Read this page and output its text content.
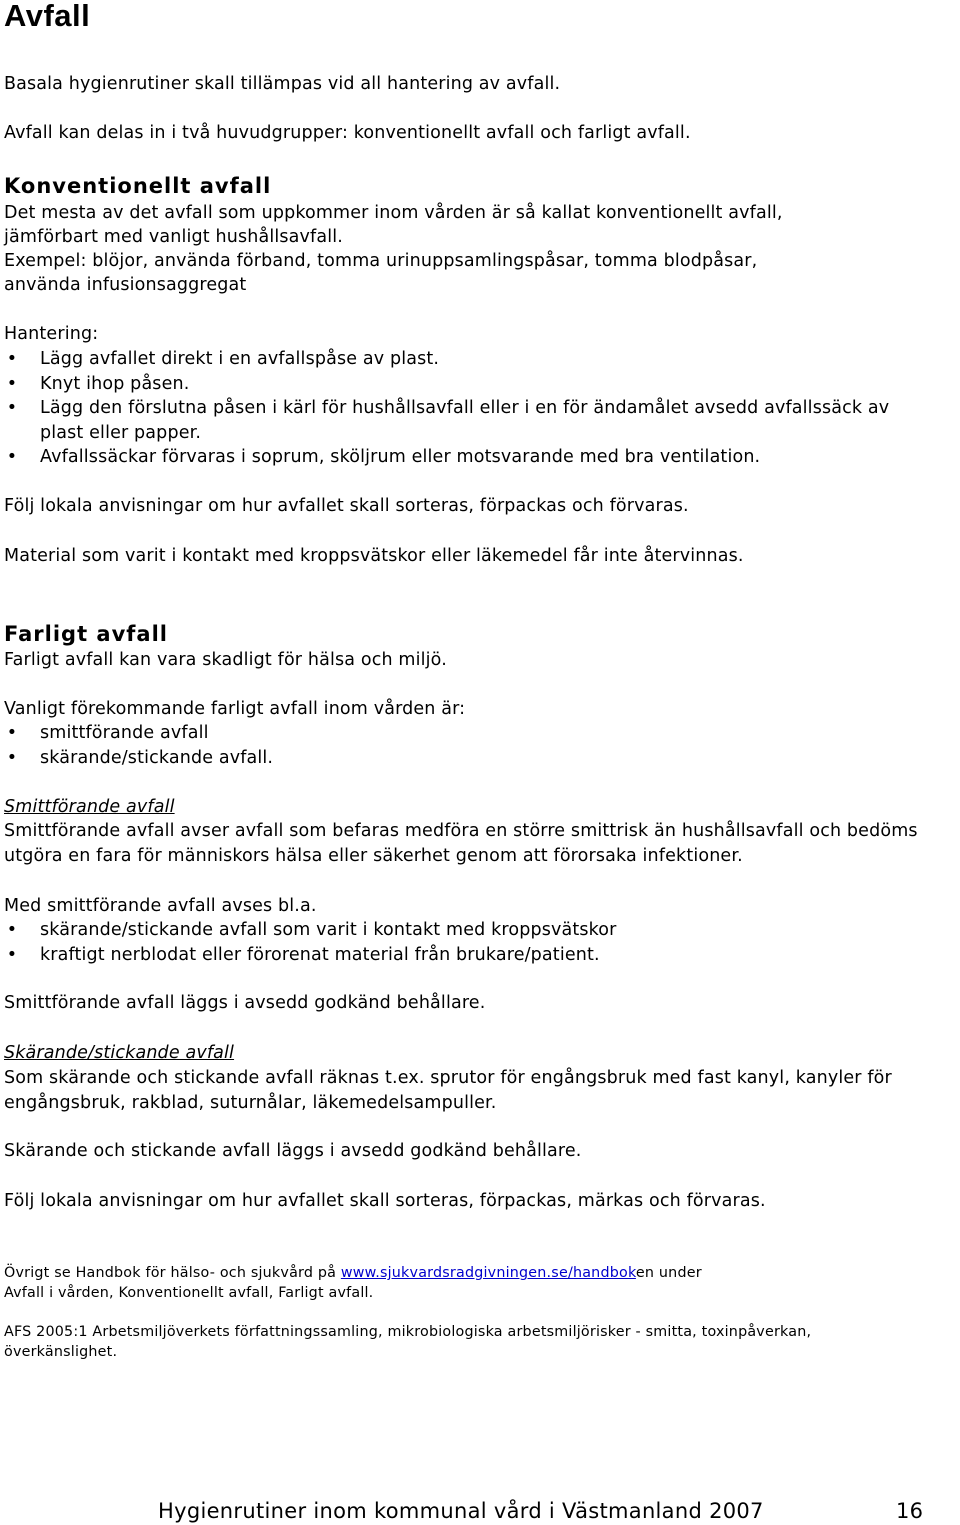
Avfall

Basala hygienrutiner skall tillämpas vid all hantering av avfall.

Avfall kan delas in i två huvudgrupper: konventionellt avfall och farligt avfall.

Konventionellt avfall

Det mesta av det avfall som uppkommer inom vården är så kallat konventionellt avfall,

jämförbart med vanligt hushållsavfall.

Exempel: blöjor, använda förband, tomma urinuppsamlingspåsar, tomma blodpåsar,

använda infusionsaggregat

Hantering:

• Lägg avfallet direkt i en avfallspåse av plast.
• Knyt ihop påsen.
• Lägg den förslutna påsen i kärl för hushållsavfall eller i en för ändamålet avsedd avfallssäck av plast eller papper.
• Avfallssäckar förvaras i soprum, sköljrum eller motsvarande med bra ventilation.

Följ lokala anvisningar om hur avfallet skall sorteras, förpackas och förvaras.

Material som varit i kontakt med kroppsvätskor eller läkemedel får inte återvinnas.

Farligt avfall

Farligt avfall kan vara skadligt för hälsa och miljö.

Vanligt förekommande farligt avfall inom vården är:

• smittförande avfall
• skärande/stickande avfall.

Smittförande avfall

Smittförande avfall avser avfall som befaras medföra en större smittrisk än hushållsavfall och bedöms utgöra en fara för människors hälsa eller säkerhet genom att förorsaka infektioner.

Med smittförande avfall avses bl.a.

• skärande/stickande avfall som varit i kontakt med kroppsvätskor
• kraftigt nerblodat eller förorenat material från brukare/patient.

Smittförande avfall läggs i avsedd godkänd behållare.

Skärande/stickande avfall

Som skärande och stickande avfall räknas t.ex. sprutor för engångsbruk med fast kanyl, kanyler för engångsbruk, rakblad, suturnålar, läkemedelsampuller.

Skärande och stickande avfall läggs i avsedd godkänd behållare.

Följ lokala anvisningar om hur avfallet skall sorteras, förpackas, märkas och förvaras.

Övrigt se Handbok för hälso- och sjukvård på www.sjukvardsradgivningen.se/handboken under

Avfall i vården, Konventionellt avfall, Farligt avfall.

AFS 2005:1 Arbetsmiljöverkets författningssamling, mikrobiologiska arbetsmiljörisker - smitta, toxinpåverkan, överkänslighet.

Hygienrutiner inom kommunal vård i Västmanland 2007	16
